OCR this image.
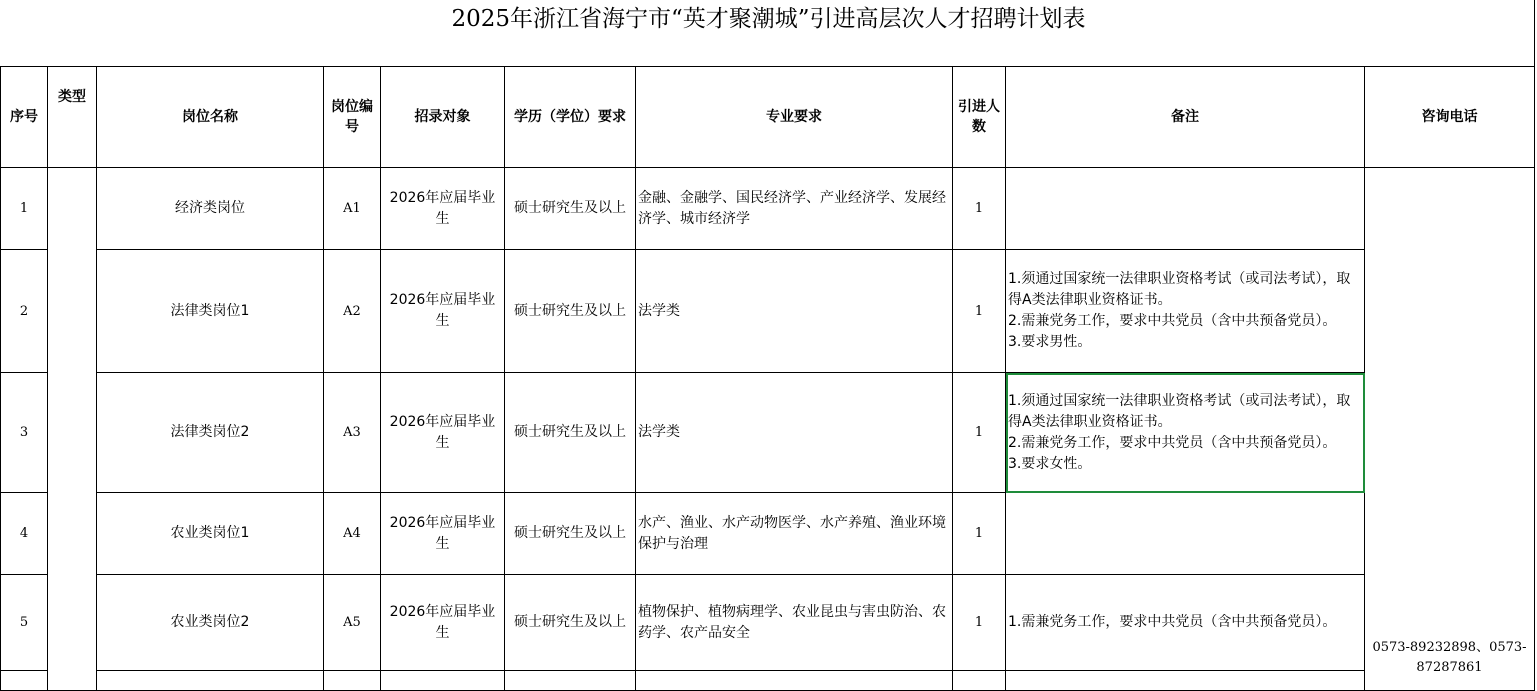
2025年浙江省海宁市“英才聚潮城”引进高层次人才招聘计划表
序号	类型	岗位名称	岗位编号	招录对象	学历（学位）要求	专业要求	引进人数	备注	咨询电话
1		经济类岗位	A1	2026年应届毕业生	硕士研究生及以上	金融、金融学、国民经济学、产业经济学、发展经济学、城市经济学	1		0573-89232898、0573-87287861
2		法律类岗位1	A2	2026年应届毕业生	硕士研究生及以上	法学类	1	1.须通过国家统一法律职业资格考试（或司法考试），取得A类法律职业资格证书。
2.需兼党务工作，要求中共党员（含中共预备党员）。
3.要求男性。	

3		法律类岗位2	A3	2026年应届毕业生	硕士研究生及以上	法学类	1	1.须通过国家统一法律职业资格考试（或司法考试），取得A类法律职业资格证书。
2.需兼党务工作，要求中共党员（含中共预备党员）。
3.要求女性。	

4		农业类岗位1	A4	2026年应届毕业生	硕士研究生及以上	水产、渔业、水产动物医学、水产养殖、渔业环境保护与治理	1		
5		农业类岗位2	A5	2026年应届毕业生	硕士研究生及以上	植物保护、植物病理学、农业昆虫与害虫防治、农药学、农产品安全	1	1.需兼党务工作，要求中共党员（含中共预备党员）。	
